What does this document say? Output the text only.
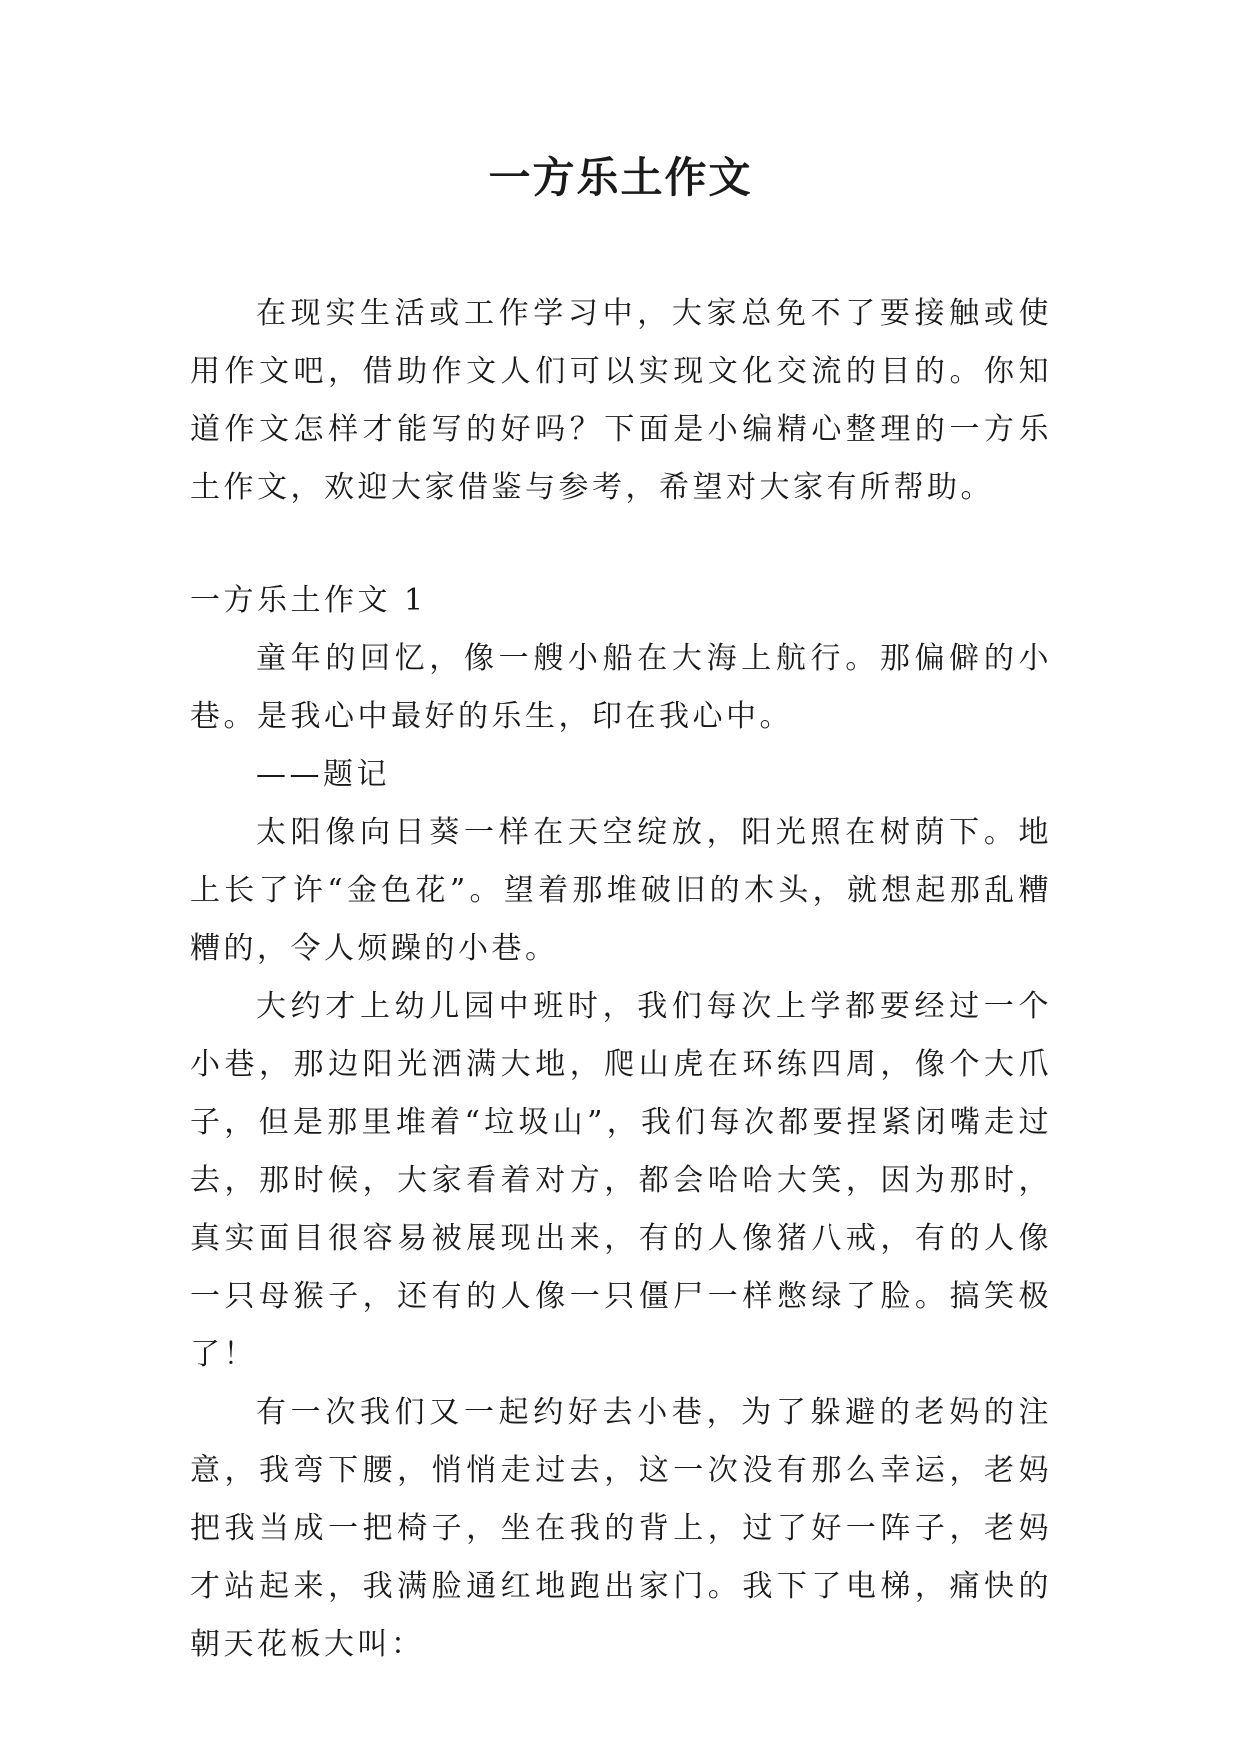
一方乐土作文

在现实生活或工作学习中，大家总免不了要接触或使用作文吧，借助作文人们可以实现文化交流的目的。你知道作文怎样才能写的好吗？下面是小编精心整理的一方乐土作文，欢迎大家借鉴与参考，希望对大家有所帮助。

一方乐土作文 1

童年的回忆，像一艘小船在大海上航行。那偏僻的小巷。是我心中最好的乐生，印在我心中。

——题记

太阳像向日葵一样在天空绽放，阳光照在树荫下。地上长了许“金色花”。望着那堆破旧的木头，就想起那乱糟糟的，令人烦躁的小巷。

大约才上幼儿园中班时，我们每次上学都要经过一个小巷，那边阳光洒满大地，爬山虎在环练四周，像个大爪子，但是那里堆着“垃圾山”，我们每次都要捏紧闭嘴走过去，那时候，大家看着对方，都会哈哈大笑，因为那时，真实面目很容易被展现出来，有的人像猪八戒，有的人像一只母猴子，还有的人像一只僵尸一样憋绿了脸。搞笑极了！

有一次我们又一起约好去小巷，为了躲避的老妈的注意，我弯下腰，悄悄走过去，这一次没有那么幸运，老妈把我当成一把椅子，坐在我的背上，过了好一阵子，老妈才站起来，我满脸通红地跑出家门。我下了电梯，痛快的朝天花板大叫：
